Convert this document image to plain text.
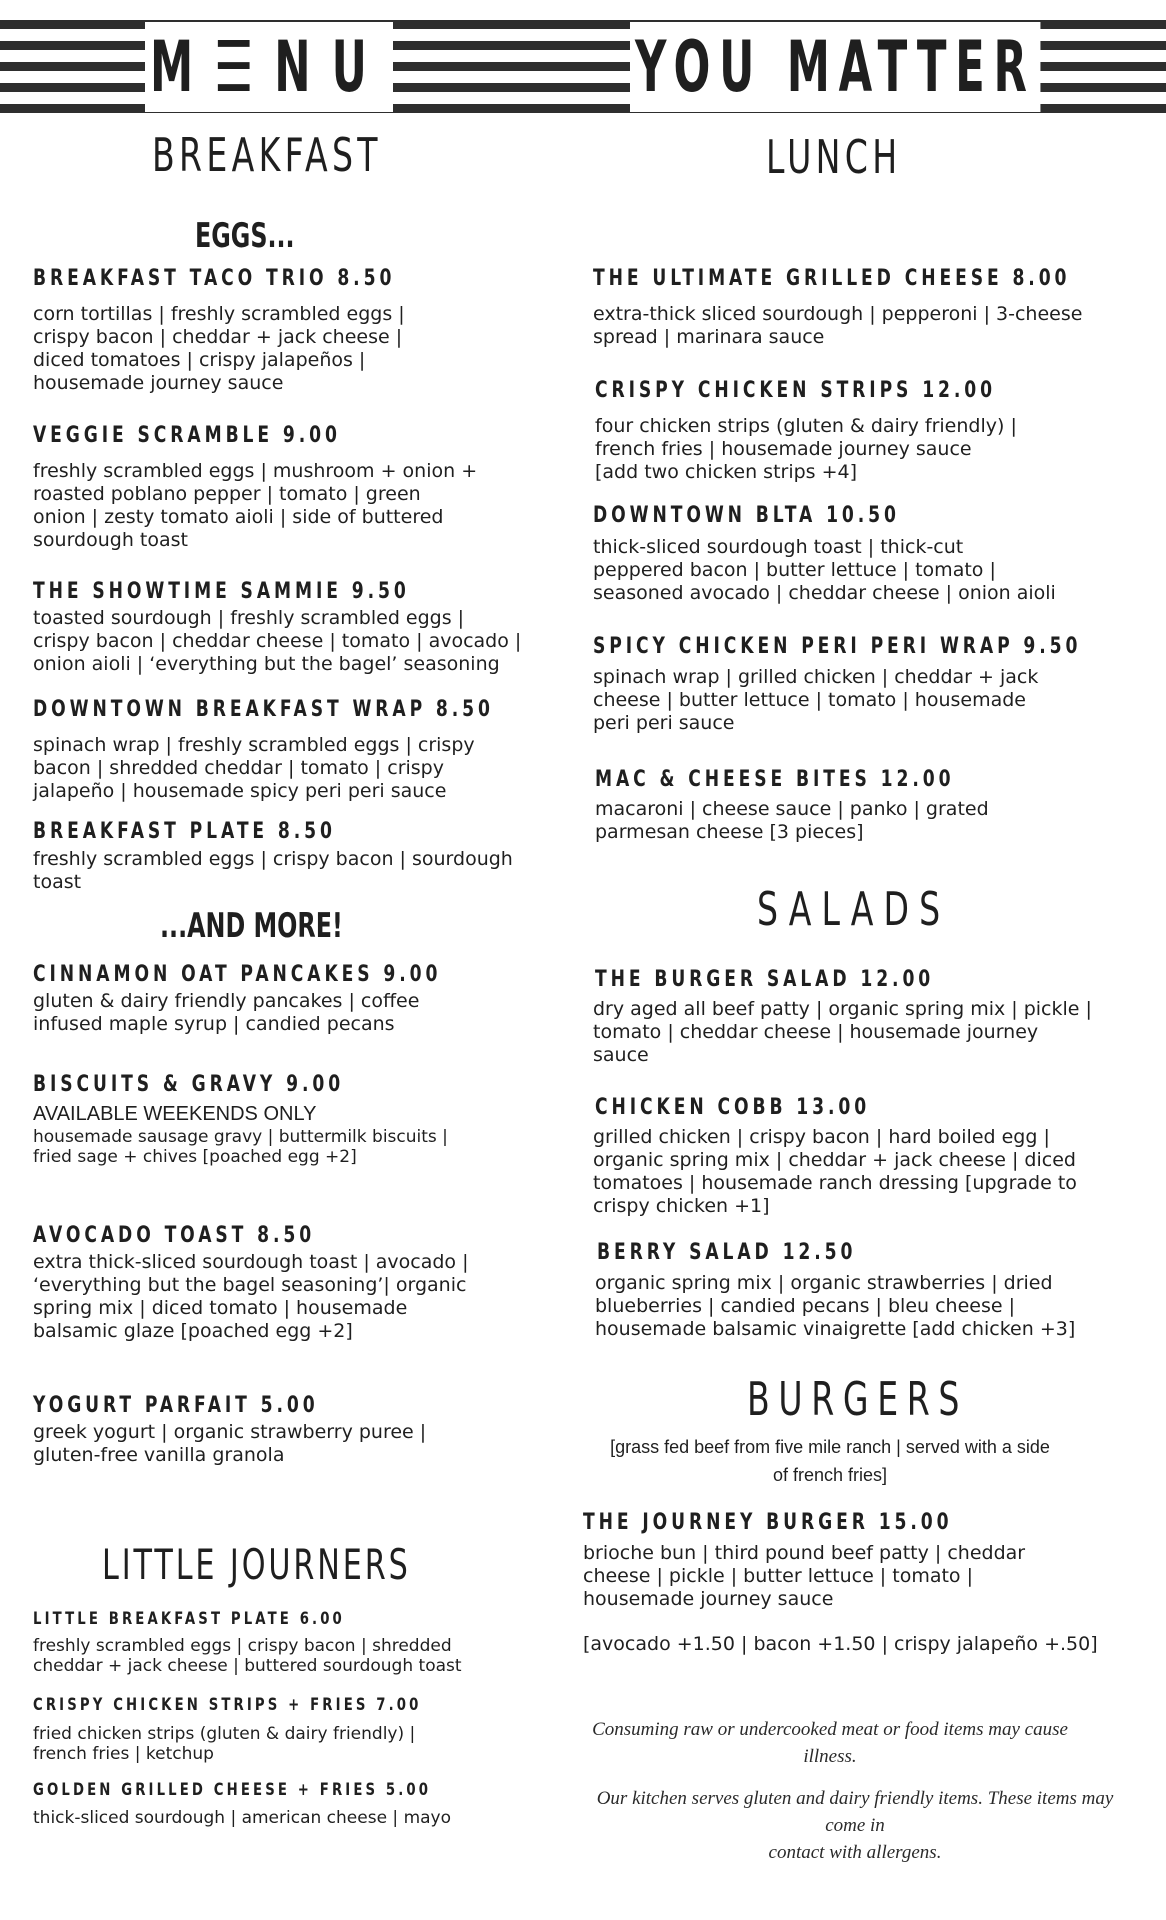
M☰NU	YOU MATTER
BREAKFAST
EGGS...
BREAKFAST TACO TRIO 8.50
corn tortillas | freshly scrambled eggs |
crispy bacon | cheddar + jack cheese |
diced tomatoes | crispy jalapeños |
housemade journey sauce
VEGGIE SCRAMBLE 9.00
freshly scrambled eggs | mushroom + onion +
roasted poblano pepper | tomato | green
onion | zesty tomato aioli | side of buttered
sourdough toast
THE SHOWTIME SAMMIE 9.50
toasted sourdough | freshly scrambled eggs |
crispy bacon | cheddar cheese | tomato | avocado |
onion aioli | ‘everything but the bagel’ seasoning
DOWNTOWN BREAKFAST WRAP 8.50
spinach wrap | freshly scrambled eggs | crispy
bacon | shredded cheddar | tomato | crispy
jalapeño | housemade spicy peri peri sauce
BREAKFAST PLATE 8.50
freshly scrambled eggs | crispy bacon | sourdough
toast
...AND MORE!
CINNAMON OAT PANCAKES 9.00
gluten & dairy friendly pancakes | coffee
infused maple syrup | candied pecans
BISCUITS & GRAVY 9.00
AVAILABLE WEEKENDS ONLY
housemade sausage gravy | buttermilk biscuits |
fried sage + chives [poached egg +2]
AVOCADO TOAST 8.50
extra thick-sliced sourdough toast | avocado |
‘everything but the bagel seasoning’| organic
spring mix | diced tomato | housemade
balsamic glaze [poached egg +2]
YOGURT PARFAIT 5.00
greek yogurt | organic strawberry puree |
gluten-free vanilla granola
LITTLE JOURNERS
LITTLE BREAKFAST PLATE 6.00
freshly scrambled eggs | crispy bacon | shredded
cheddar + jack cheese | buttered sourdough toast
CRISPY CHICKEN STRIPS + FRIES 7.00
fried chicken strips (gluten & dairy friendly) |
french fries | ketchup
GOLDEN GRILLED CHEESE + FRIES 5.00
thick-sliced sourdough | american cheese | mayo
LUNCH
THE ULTIMATE GRILLED CHEESE 8.00
extra-thick sliced sourdough | pepperoni | 3-cheese
spread | marinara sauce
CRISPY CHICKEN STRIPS 12.00
four chicken strips (gluten & dairy friendly) |
french fries | housemade journey sauce
[add two chicken strips +4]
DOWNTOWN BLTA 10.50
thick-sliced sourdough toast | thick-cut
peppered bacon | butter lettuce | tomato |
seasoned avocado | cheddar cheese | onion aioli
SPICY CHICKEN PERI PERI WRAP 9.50
spinach wrap | grilled chicken | cheddar + jack
cheese | butter lettuce | tomato | housemade
peri peri sauce
MAC & CHEESE BITES 12.00
macaroni | cheese sauce | panko | grated
parmesan cheese [3 pieces]
SALADS
THE BURGER SALAD 12.00
dry aged all beef patty | organic spring mix | pickle |
tomato | cheddar cheese | housemade journey
sauce
CHICKEN COBB 13.00
grilled chicken | crispy bacon | hard boiled egg |
organic spring mix | cheddar + jack cheese | diced
tomatoes | housemade ranch dressing [upgrade to
crispy chicken +1]
BERRY SALAD 12.50
organic spring mix | organic strawberries | dried
blueberries | candied pecans | bleu cheese |
housemade balsamic vinaigrette [add chicken +3]
BURGERS
[grass fed beef from five mile ranch | served with a side
of french fries]
THE JOURNEY BURGER 15.00
brioche bun | third pound beef patty | cheddar
cheese | pickle | butter lettuce | tomato |
housemade journey sauce
[avocado +1.50 | bacon +1.50 | crispy jalapeño +.50]
Consuming raw or undercooked meat or food items may cause
illness.
Our kitchen serves gluten and dairy friendly items. These items may come in
contact with allergens.
